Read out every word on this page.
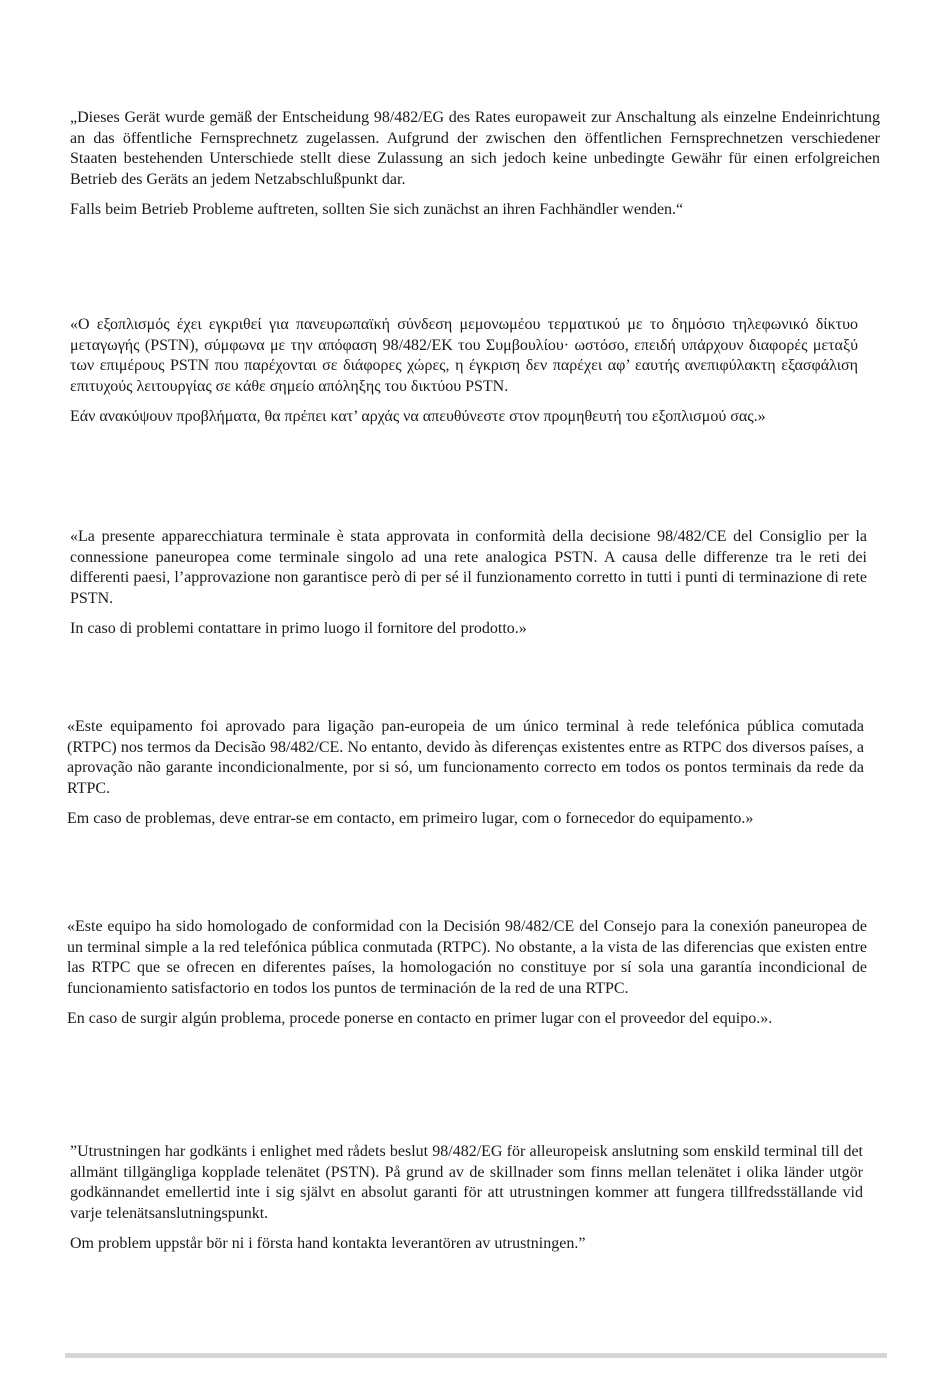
„Dieses Gerät wurde gemäß der Entscheidung 98/482/EG des Rates europaweit zur Anschaltung als einzelne Endeinrichtung an das öffentliche Fernsprechnetz zugelassen. Aufgrund der zwischen den öffentlichen Fernsprechnetzen verschiedener Staaten bestehenden Unterschiede stellt diese Zulassung an sich jedoch keine unbedingte Gewähr für einen erfolgreichen Betrieb des Geräts an jedem Netzabschlußpunkt dar.

Falls beim Betrieb Probleme auftreten, sollten Sie sich zunächst an ihren Fachhändler wenden.“

«Ο εξοπλισμός έχει εγκριθεί για πανευρωπαϊκή σύνδεση μεμονωμέου τερματικού με το δημόσιο τηλεφωνικό δίκτυο μεταγωγής (PSTN), σύμφωνα με την απόφαση 98/482/ΕΚ του Συμβουλίου· ωστόσο, επειδή υπάρχουν διαφορές μεταξύ των επιμέρους PSTN που παρέχονται σε διάφορες χώρες, η έγκριση δεν παρέχει αφ’ εαυτής ανεπιφύλακτη εξασφάλιση επιτυχούς λειτουργίας σε κάθε σημείο απόληξης του δικτύου PSTN.

Εάν ανακύψουν προβλήματα, θα πρέπει κατ’ αρχάς να απευθύνεστε στον προμηθευτή του εξοπλισμού σας.»

«La presente apparecchiatura terminale è stata approvata in conformità della decisione 98/482/CE del Consiglio per la connessione paneuropea come terminale singolo ad una rete analogica PSTN. A causa delle differenze tra le reti dei differenti paesi, l’approvazione non garantisce però di per sé il funzionamento corretto in tutti i punti di terminazione di rete PSTN.

In caso di problemi contattare in primo luogo il fornitore del prodotto.»

«Este equipamento foi aprovado para ligação pan-europeia de um único terminal à rede telefónica pública comutada (RTPC) nos termos da Decisão 98/482/CE. No entanto, devido às diferenças existentes entre as RTPC dos diversos países, a aprovação não garante incondicionalmente, por si só, um funcionamento correcto em todos os pontos terminais da rede da RTPC.

Em caso de problemas, deve entrar-se em contacto, em primeiro lugar, com o fornecedor do equipamento.»

«Este equipo ha sido homologado de conformidad con la Decisión 98/482/CE del Consejo para la conexión paneuropea de un terminal simple a la red telefónica pública conmutada (RTPC). No obstante, a la vista de las diferencias que existen entre las RTPC que se ofrecen en diferentes países, la homologación no constituye por sí sola una garantía incondicional de funcionamiento satisfactorio en todos los puntos de terminación de la red de una RTPC.

En caso de surgir algún problema, procede ponerse en contacto en primer lugar con el proveedor del equipo.».

”Utrustningen har godkänts i enlighet med rådets beslut 98/482/EG för alleuropeisk anslutning som enskild terminal till det allmänt tillgängliga kopplade telenätet (PSTN). På grund av de skillnader som finns mellan telenätet i olika länder utgör godkännandet emellertid inte i sig självt en absolut garanti för att utrustningen kommer att fungera tillfredsställande vid varje telenätsanslutningspunkt.

Om problem uppstår bör ni i första hand kontakta leverantören av utrustningen.”
